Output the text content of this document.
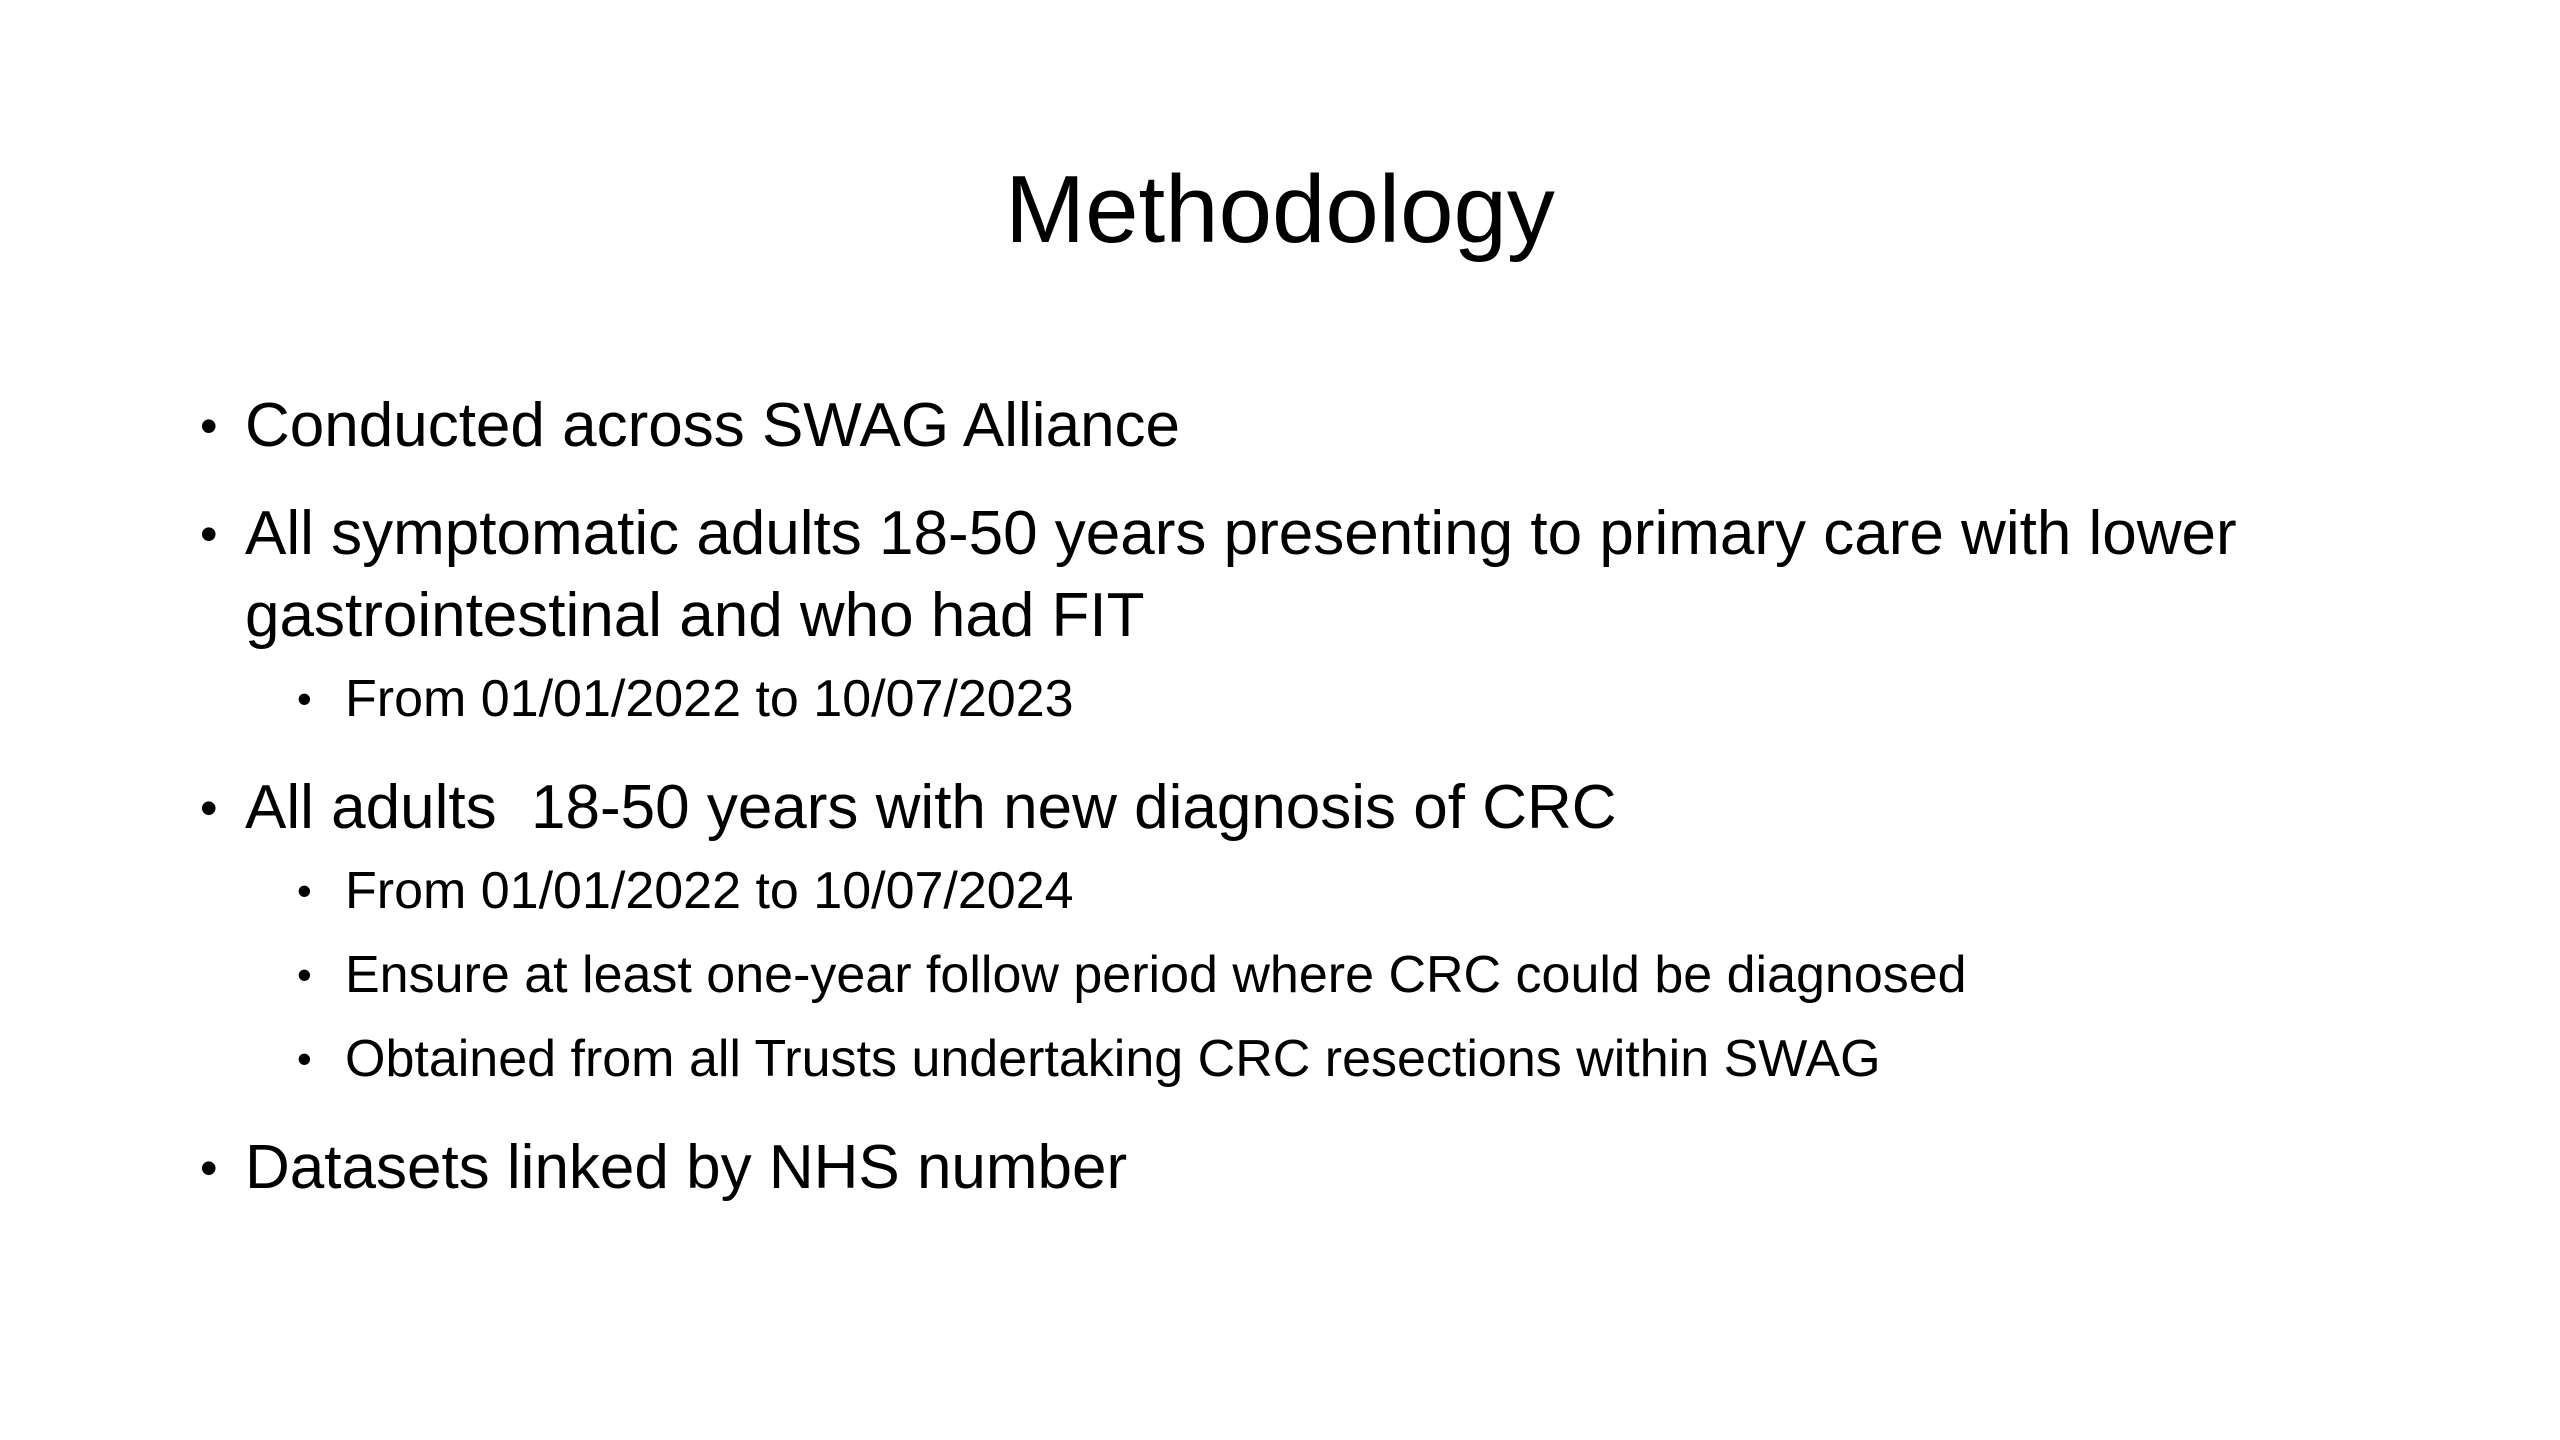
Methodology
• Conducted across SWAG Alliance
• All symptomatic adults 18-50 years presenting to primary care with lower gastrointestinal and who had FIT
• From 01/01/2022 to 10/07/2023
• All adults  18-50 years with new diagnosis of CRC
• From 01/01/2022 to 10/07/2024
• Ensure at least one-year follow period where CRC could be diagnosed
• Obtained from all Trusts undertaking CRC resections within SWAG
• Datasets linked by NHS number
